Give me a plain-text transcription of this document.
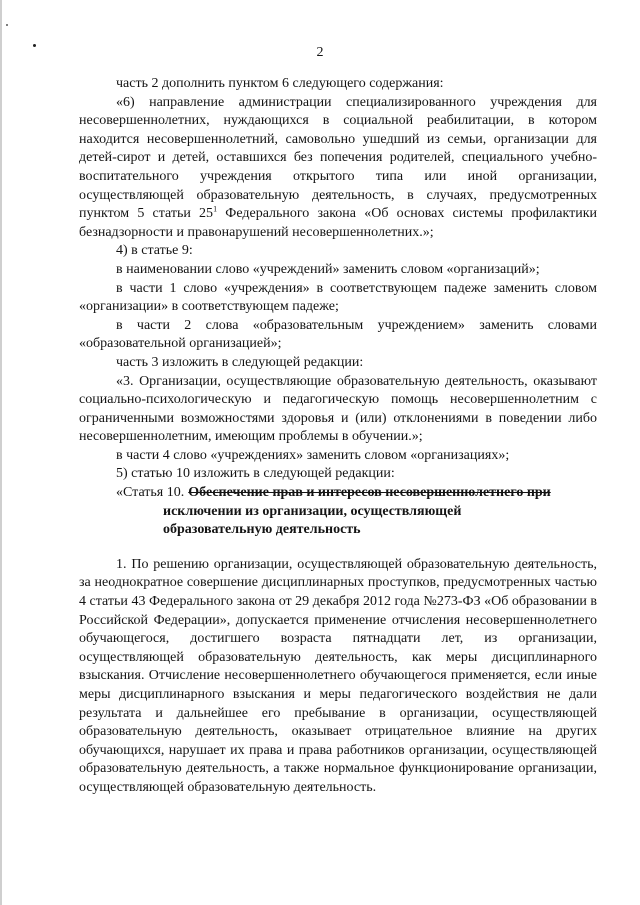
2

часть 2 дополнить пунктом 6 следующего содержания:

«6) направление администрации специализированного учреждения для несовершеннолетних, нуждающихся в социальной реабилитации, в котором находится несовершеннолетний, самовольно ушедший из семьи, организации для детей-сирот и детей, оставшихся без попечения родителей, специального учебно-воспитательного учреждения открытого типа или иной организации, осуществляющей образовательную деятельность, в случаях, предусмотренных пунктом 5 статьи $25^1$ Федерального закона «Об основах системы профилактики безнадзорности и правонарушений несовершеннолетних.»;

4) в статье 9:

в наименовании слово «учреждений» заменить словом «организаций»;

в части 1 слово «учреждения» в соответствующем падеже заменить словом «организации» в соответствующем падеже;

в части 2 слова «образовательным учреждением» заменить словами «образовательной организацией»;

часть 3 изложить в следующей редакции:

«3. Организации, осуществляющие образовательную деятельность, оказывают социально-психологическую и педагогическую помощь несовершеннолетним с ограниченными возможностями здоровья и (или) отклонениями в поведении либо несовершеннолетним, имеющим проблемы в обучении.»;

в части 4 слово «учреждениях» заменить словом «организациях»;

5) статью 10 изложить в следующей редакции:

«Статья 10. Обеспечение прав и интересов несовершеннолетнего при
исключении из организации, осуществляющей
образовательную деятельность

1. По решению организации, осуществляющей образовательную деятельность, за неоднократное совершение дисциплинарных проступков, предусмотренных частью 4 статьи 43 Федерального закона от 29 декабря 2012 года №273-ФЗ «Об образовании в Российской Федерации», допускается применение отчисления несовершеннолетнего обучающегося, достигшего возраста пятнадцати лет, из организации, осуществляющей образовательную деятельность, как меры дисциплинарного взыскания. Отчисление несовершеннолетнего обучающегося применяется, если иные меры дисциплинарного взыскания и меры педагогического воздействия не дали результата и дальнейшее его пребывание в организации, осуществляющей образовательную деятельность, оказывает отрицательное влияние на других обучающихся, нарушает их права и права работников организации, осуществляющей образовательную деятельность, а также нормальное функционирование организации, осуществляющей образовательную деятельность.
